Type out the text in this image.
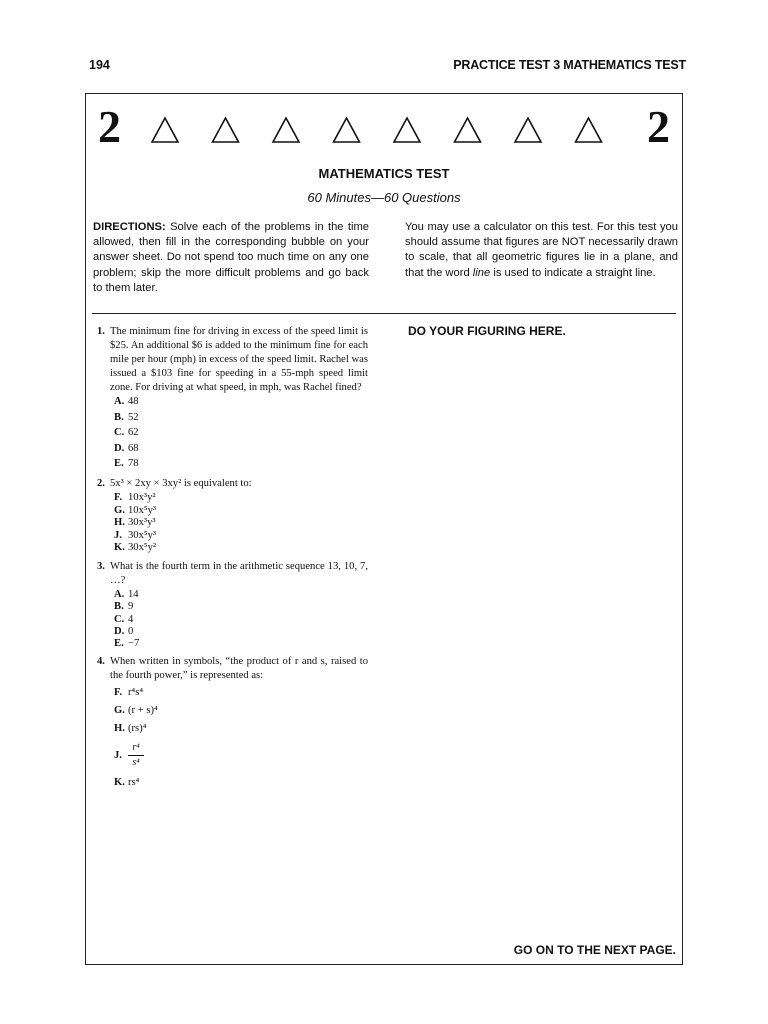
194	PRACTICE TEST 3 MATHEMATICS TEST
2	2
MATHEMATICS TEST
60 Minutes—60 Questions
DIRECTIONS: Solve each of the problems in the time allowed, then fill in the corresponding bubble on your answer sheet. Do not spend too much time on any one problem; skip the more difficult problems and go back to them later.
You may use a calculator on this test. For this test you should assume that figures are NOT necessarily drawn to scale, that all geometric figures lie in a plane, and that the word line is used to indicate a straight line.
DO YOUR FIGURING HERE.
1. The minimum fine for driving in excess of the speed limit is $25. An additional $6 is added to the minimum fine for each mile per hour (mph) in excess of the speed limit. Rachel was issued a $103 fine for speeding in a 55-mph speed limit zone. For driving at what speed, in mph, was Rachel fined?
A. 48
B. 52
C. 62
D. 68
E. 78
2. 5x³ × 2xy × 3xy² is equivalent to:
F. 10x³y²
G. 10x⁵y³
H. 30x³y³
J. 30x⁵y³
K. 30x⁵y²
3. What is the fourth term in the arithmetic sequence 13, 10, 7, …?
A. 14
B. 9
C. 4
D. 0
E. −7
4. When written in symbols, “the product of r and s, raised to the fourth power,” is represented as:
F. r⁴s⁴
G. (r + s)⁴
H. (rs)⁴
J. $\frac{\text{r⁴}}{\text{s⁴}}$
K. rs⁴
GO ON TO THE NEXT PAGE.
